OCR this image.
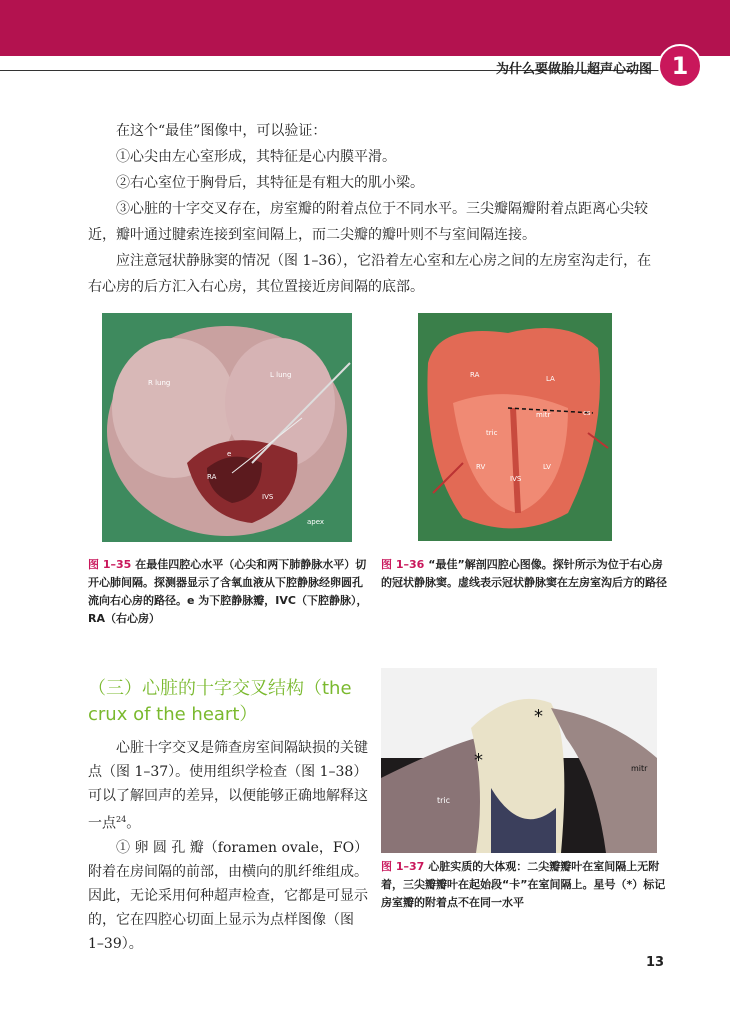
为什么要做胎儿超声心动图 1

在这个“最佳”图像中，可以验证：

①心尖由左心室形成，其特征是心内膜平滑。

②右心室位于胸骨后，其特征是有粗大的肌小梁。

③心脏的十字交叉存在，房室瓣的附着点位于不同水平。三尖瓣隔瓣附着点距离心尖较近，瓣叶通过腱索连接到室间隔上，而二尖瓣的瓣叶则不与室间隔连接。

应注意冠状静脉窦的情况（图 1–36），它沿着左心室和左心房之间的左房室沟走行，在右心房的后方汇入右心房，其位置接近房间隔的底部。

R lung
L lung
RA
IVS
apex
e
图 1–35 在最佳四腔心水平（心尖和两下肺静脉水平）切开心肺间隔。探测器显示了含氧血液从下腔静脉经卵圆孔流向右心房的路径。e 为下腔静脉瓣，IVC（下腔静脉），RA（右心房）
RA	LA
mitr	cs
tric
RV	LV
IVS
图 1–36 “最佳”解剖四腔心图像。探针所示为位于右心房的冠状静脉窦。虚线表示冠状静脉窦在左房室沟后方的路径
（三）心脏的十字交叉结构（the crux of the heart）
tric
mitr
*
*
图 1–37 心脏实质的大体观：二尖瓣瓣叶在室间隔上无附着，三尖瓣瓣叶在起始段“卡”在室间隔上。星号（*）标记房室瓣的附着点不在同一水平

心脏十字交叉是筛查房室间隔缺损的关键点（图 1–37）。使用组织学检查（图 1–38）可以了解回声的差异，以便能够正确地解释这一点$^{24}$。

① 卵 圆 孔 瓣（foramen ovale，FO） 附着在房间隔的前部，由横向的肌纤维组成。因此，无论采用何种超声检查，它都是可显示的，它在四腔心切面上显示为点样图像（图 1–39）。

13
